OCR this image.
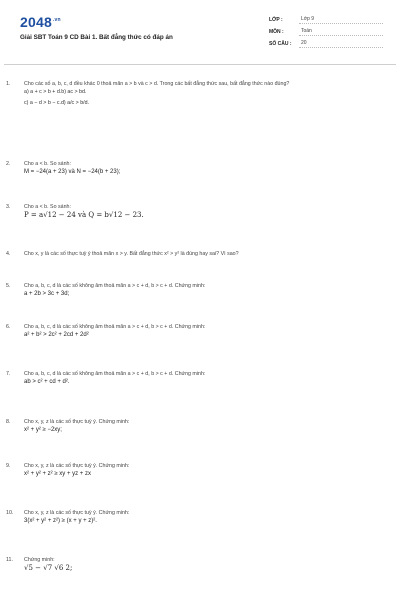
$2048^{.vn}$
Giải SBT Toán 9 CD Bài 1. Bất đẳng thức có đáp án
LỚP :	Lớp 9
MÔN :	Toán
SỐ CÂU :	20
1.	Cho các số a, b, c, d đều khác 0 thoả mãn a > b và c > d. Trong các bất đẳng thức sau, bất đẳng thức nào đúng?
a) a + c > b + d.b) ac > bd.
c) a − d > b − c.d) a/c > b/d.
2.	Cho a < b. So sánh:
M = −24(a + 23) và N = −24(b + 23);
3.	Cho a < b. So sánh:
P = a√12 − 24 và Q = b√12 − 23.
4.	Cho x, y là các số thực tuỳ ý thoả mãn x > y. Bất đẳng thức x² > y² là đúng hay sai? Vì sao?
5.	Cho a, b, c, d là các số không âm thoả mãn a > c + d, b > c + d. Chứng minh:
a + 2b > 3c + 3d;
6.	Cho a, b, c, d là các số không âm thoả mãn a > c + d, b > c + d. Chứng minh:
a² + b² > 2c² + 2cd + 2d²
7.	Cho a, b, c, d là các số không âm thoả mãn a > c + d, b > c + d. Chứng minh:
ab > c² + cd + d².
8.	Cho x, y, z là các số thực tuỳ ý. Chứng minh:
x² + y² ≥ −2xy;
9.	Cho x, y, z là các số thực tuỳ ý. Chứng minh:
x² + y² + z² ≥ xy + yz + zx
10.	Cho x, y, z là các số thực tuỳ ý. Chứng minh:
3(x² + y² + z²) ≥ (x + y + z)².
11.	Chứng minh:
√5 − √7 √6 2;
